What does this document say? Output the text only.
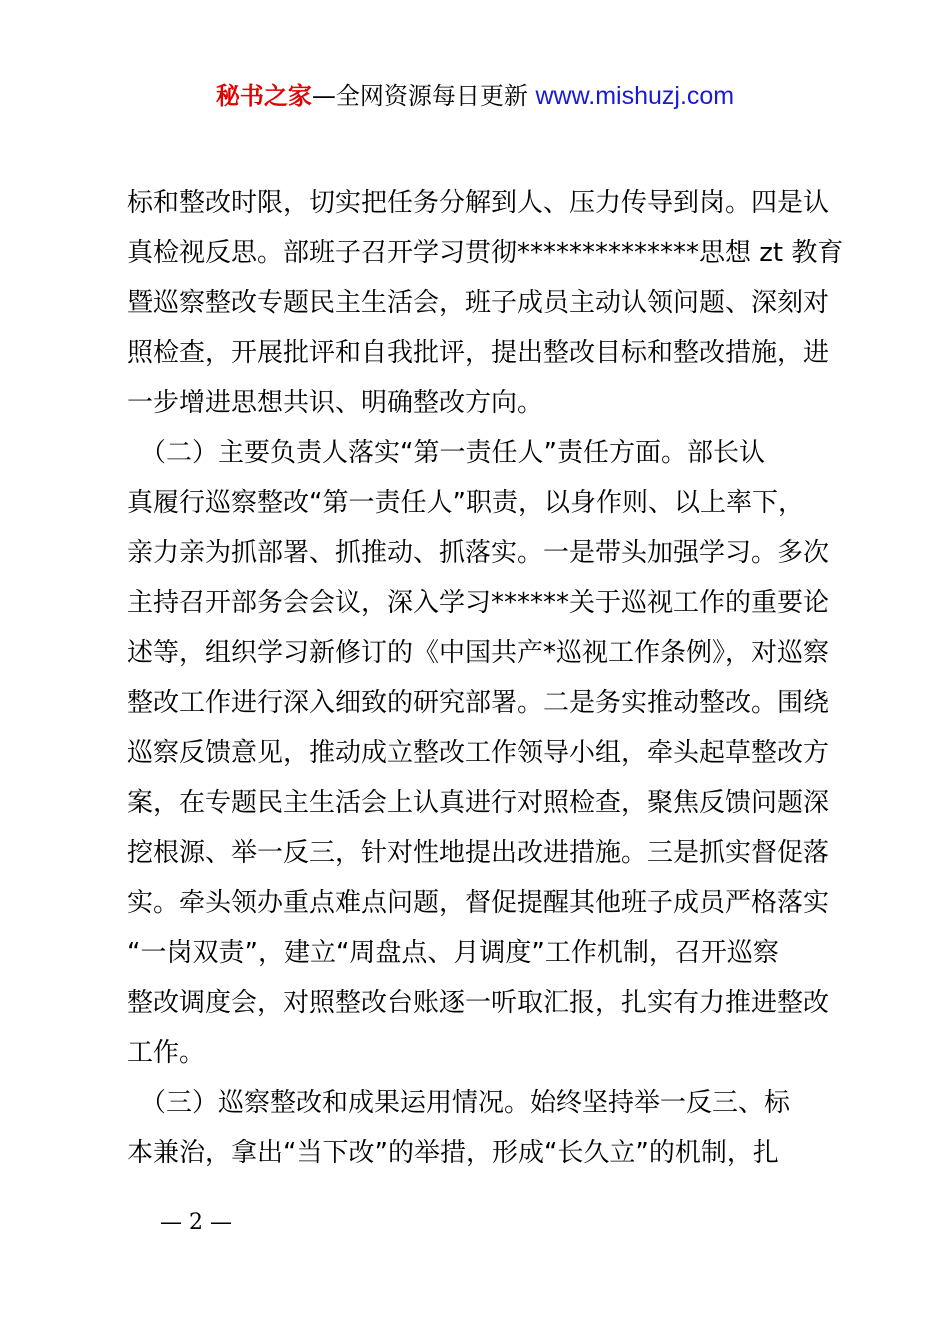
秘书之家—全网资源每日更新 www.mishuzj.com
标和整改时限，切实把任务分解到人、压力传导到岗。四是认
真检视反思。部班子召开学习贯彻**************思想 zt 教育
暨巡察整改专题民主生活会，班子成员主动认领问题、深刻对
照检查，开展批评和自我批评，提出整改目标和整改措施，进
一步增进思想共识、明确整改方向。
　（二）主要负责人落实“第一责任人”责任方面。部长认
真履行巡察整改“第一责任人”职责，以身作则、以上率下，
亲力亲为抓部署、抓推动、抓落实。一是带头加强学习。多次
主持召开部务会会议，深入学习******关于巡视工作的重要论
述等，组织学习新修订的《中国共产*巡视工作条例》，对巡察
整改工作进行深入细致的研究部署。二是务实推动整改。围绕
巡察反馈意见，推动成立整改工作领导小组，牵头起草整改方
案，在专题民主生活会上认真进行对照检查，聚焦反馈问题深
挖根源、举一反三，针对性地提出改进措施。三是抓实督促落
实。牵头领办重点难点问题，督促提醒其他班子成员严格落实
“一岗双责”，建立“周盘点、月调度”工作机制，召开巡察
整改调度会，对照整改台账逐一听取汇报，扎实有力推进整改
工作。
　（三）巡察整改和成果运用情况。始终坚持举一反三、标
本兼治，拿出“当下改”的举措，形成“长久立”的机制，扎
— 2 —
